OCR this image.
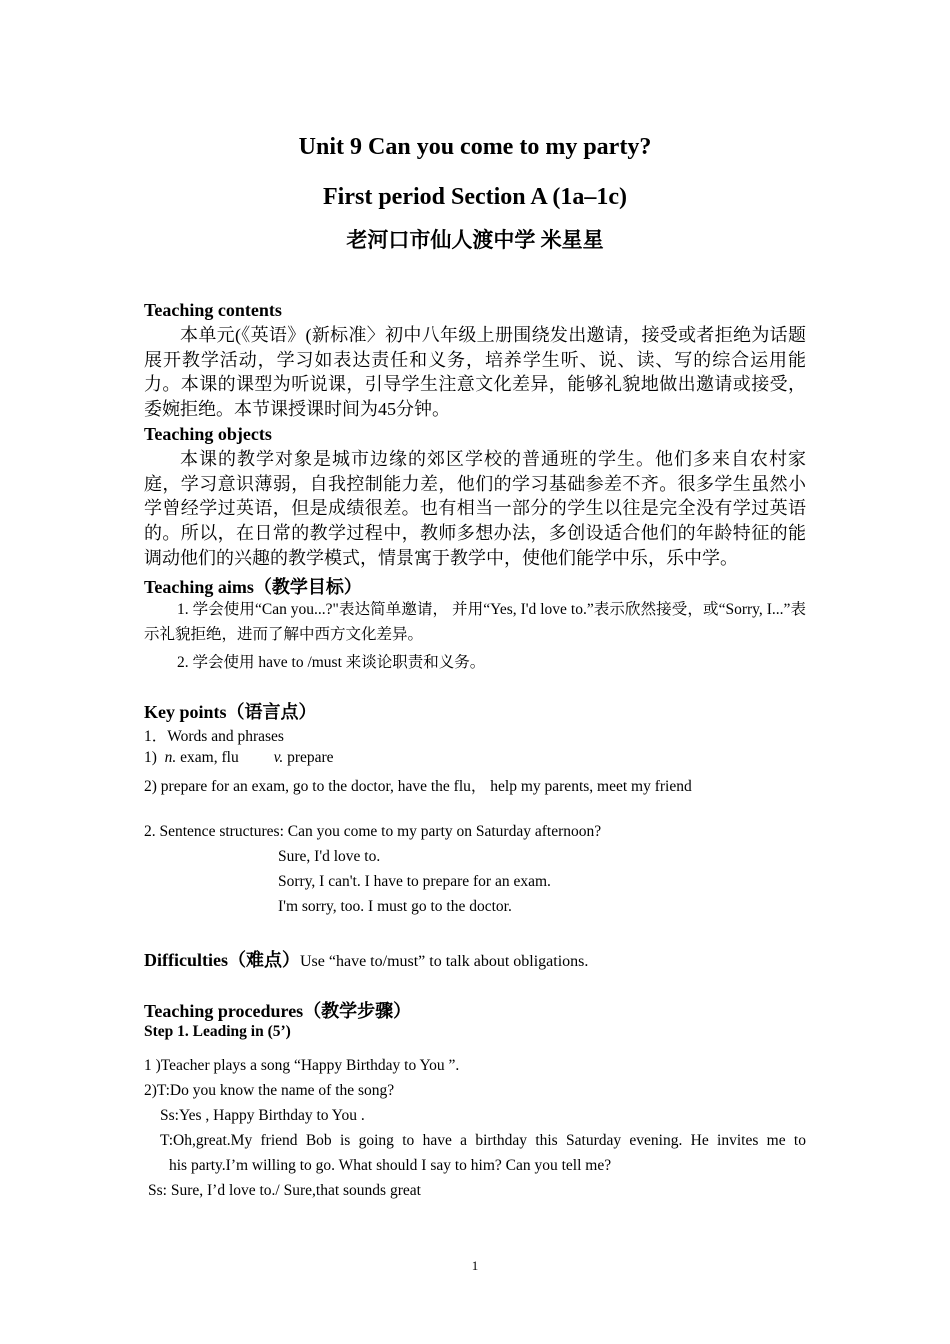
Unit 9 Can you come to my party?
First period Section A (1a–1c)
老河口市仙人渡中学 米星星
Teaching contents
本单元(《英语》(新标准〉初中八年级上册围绕发出邀请，接受或者拒绝为话题展开教学活动，学习如表达责任和义务，培养学生听、说、读、写的综合运用能力。本课的课型为听说课，引导学生注意文化差异，能够礼貌地做出邀请或接受，委婉拒绝。本节课授课时间为45分钟。
Teaching objects
本课的教学对象是城市边缘的郊区学校的普通班的学生。他们多来自农村家庭，学习意识薄弱，自我控制能力差，他们的学习基础参差不齐。很多学生虽然小学曾经学过英语，但是成绩很差。也有相当一部分的学生以往是完全没有学过英语的。所以，在日常的教学过程中，教师多想办法，多创设适合他们的年龄特征的能调动他们的兴趣的教学模式，情景寓于教学中，使他们能学中乐，乐中学。
Teaching aims（教学目标）
1. 学会使用“Can you...?"表达简单邀请， 并用“Yes, I'd love to.”表示欣然接受，或“Sorry, I...”表示礼貌拒绝，进而了解中西方文化差异。
2. 学会使用 have to /must 来谈论职责和义务。
Key points（语言点）
1．Words and phrases
1)  n. exam, flu         v. prepare
2) prepare for an exam, go to the doctor, have the flu， help my parents, meet my friend
2. Sentence structures: Can you come to my party on Saturday afternoon?
Sure, I'd love to.
Sorry, I can't. I have to prepare for an exam.
I'm sorry, too. I must go to the doctor.
Difficulties（难点）Use “have to/must” to talk about obligations.
Teaching procedures（教学步骤）
Step 1. Leading in (5’)
1 )Teacher plays a song “Happy Birthday to You ”.
2)T:Do you know the name of the song?
Ss:Yes , Happy Birthday to You .
T:Oh,great.My friend Bob is going to have a birthday this Saturday evening. He invites me to
his party.I’m willing to go. What should I say to him? Can you tell me?
Ss: Sure, I’d love to./ Sure,that sounds great
1
